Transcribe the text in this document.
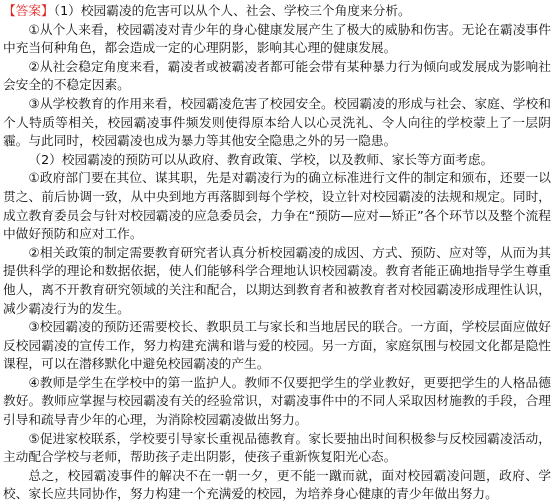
【答案】（1）校园霸凌的危害可以从个人、社会、学校三个角度来分析。

①从个人来看，校园霸凌对青少年的身心健康发展产生了极大的威胁和伤害。无论在霸凌事件中充当何种角色，都会造成一定的心理阴影，影响其心理的健康发展。

②从社会稳定角度来看，霸凌者或被霸凌者都可能会带有某种暴力行为倾向或发展成为影响社会安全的不稳定因素。

③从学校教育的作用来看，校园霸凌危害了校园安全。校园霸凌的形成与社会、家庭、学校和个人特质等相关，校园霸凌事件频发则使得原本给人以心灵洗礼、令人向往的学校蒙上了一层阴霾。与此同时，校园霸凌也成为暴力等其他安全隐患之外的另一隐患。

（2）校园霸凌的预防可以从政府、教育政策、学校，以及教师、家长等方面考虑。

①政府部门要在其位、谋其职，先是对霸凌行为的确立标准进行文件的制定和颁布，还要一以贯之、前后协调一致，从中央到地方再落脚到每个学校，设立针对校园霸凌的法规和规定。同时，成立教育委员会与针对校园霸凌的应急委员会，力争在“预防—应对—矫正”各个环节以及整个流程中做好预防和应对工作。

②相关政策的制定需要教育研究者认真分析校园霸凌的成因、方式、预防、应对等，从而为其提供科学的理论和数据依据，使人们能够科学合理地认识校园霸凌。教育者能正确地指导学生尊重他人，离不开教育研究领域的关注和配合，以期达到教育者和被教育者对校园霸凌形成理性认识，减少霸凌行为的发生。

③校园霸凌的预防还需要校长、教职员工与家长和当地居民的联合。一方面，学校层面应做好反校园霸凌的宣传工作，努力构建充满和谐与爱的校园。另一方面，家庭氛围与校园文化都是隐性课程，可以在潜移默化中避免校园霸凌的产生。

④教师是学生在学校中的第一监护人。教师不仅要把学生的学业教好，更要把学生的人格品德教好。教师应掌握与校园霸凌有关的经验常识，对霸凌事件中的不同人采取因材施教的手段，合理引导和疏导青少年的心理，为消除校园霸凌做出努力。

⑤促进家校联系，学校要引导家长重视品德教育。家长要抽出时间积极参与反校园霸凌活动，主动配合学校与老师，帮助孩子走出阴影，使孩子重新恢复阳光心态。

总之，校园霸凌事件的解决不在一朝一夕，更不能一蹴而就，面对校园霸凌问题，政府、学校、家长应共同协作，努力构建一个充满爱的校园，为培养身心健康的青少年做出努力。
